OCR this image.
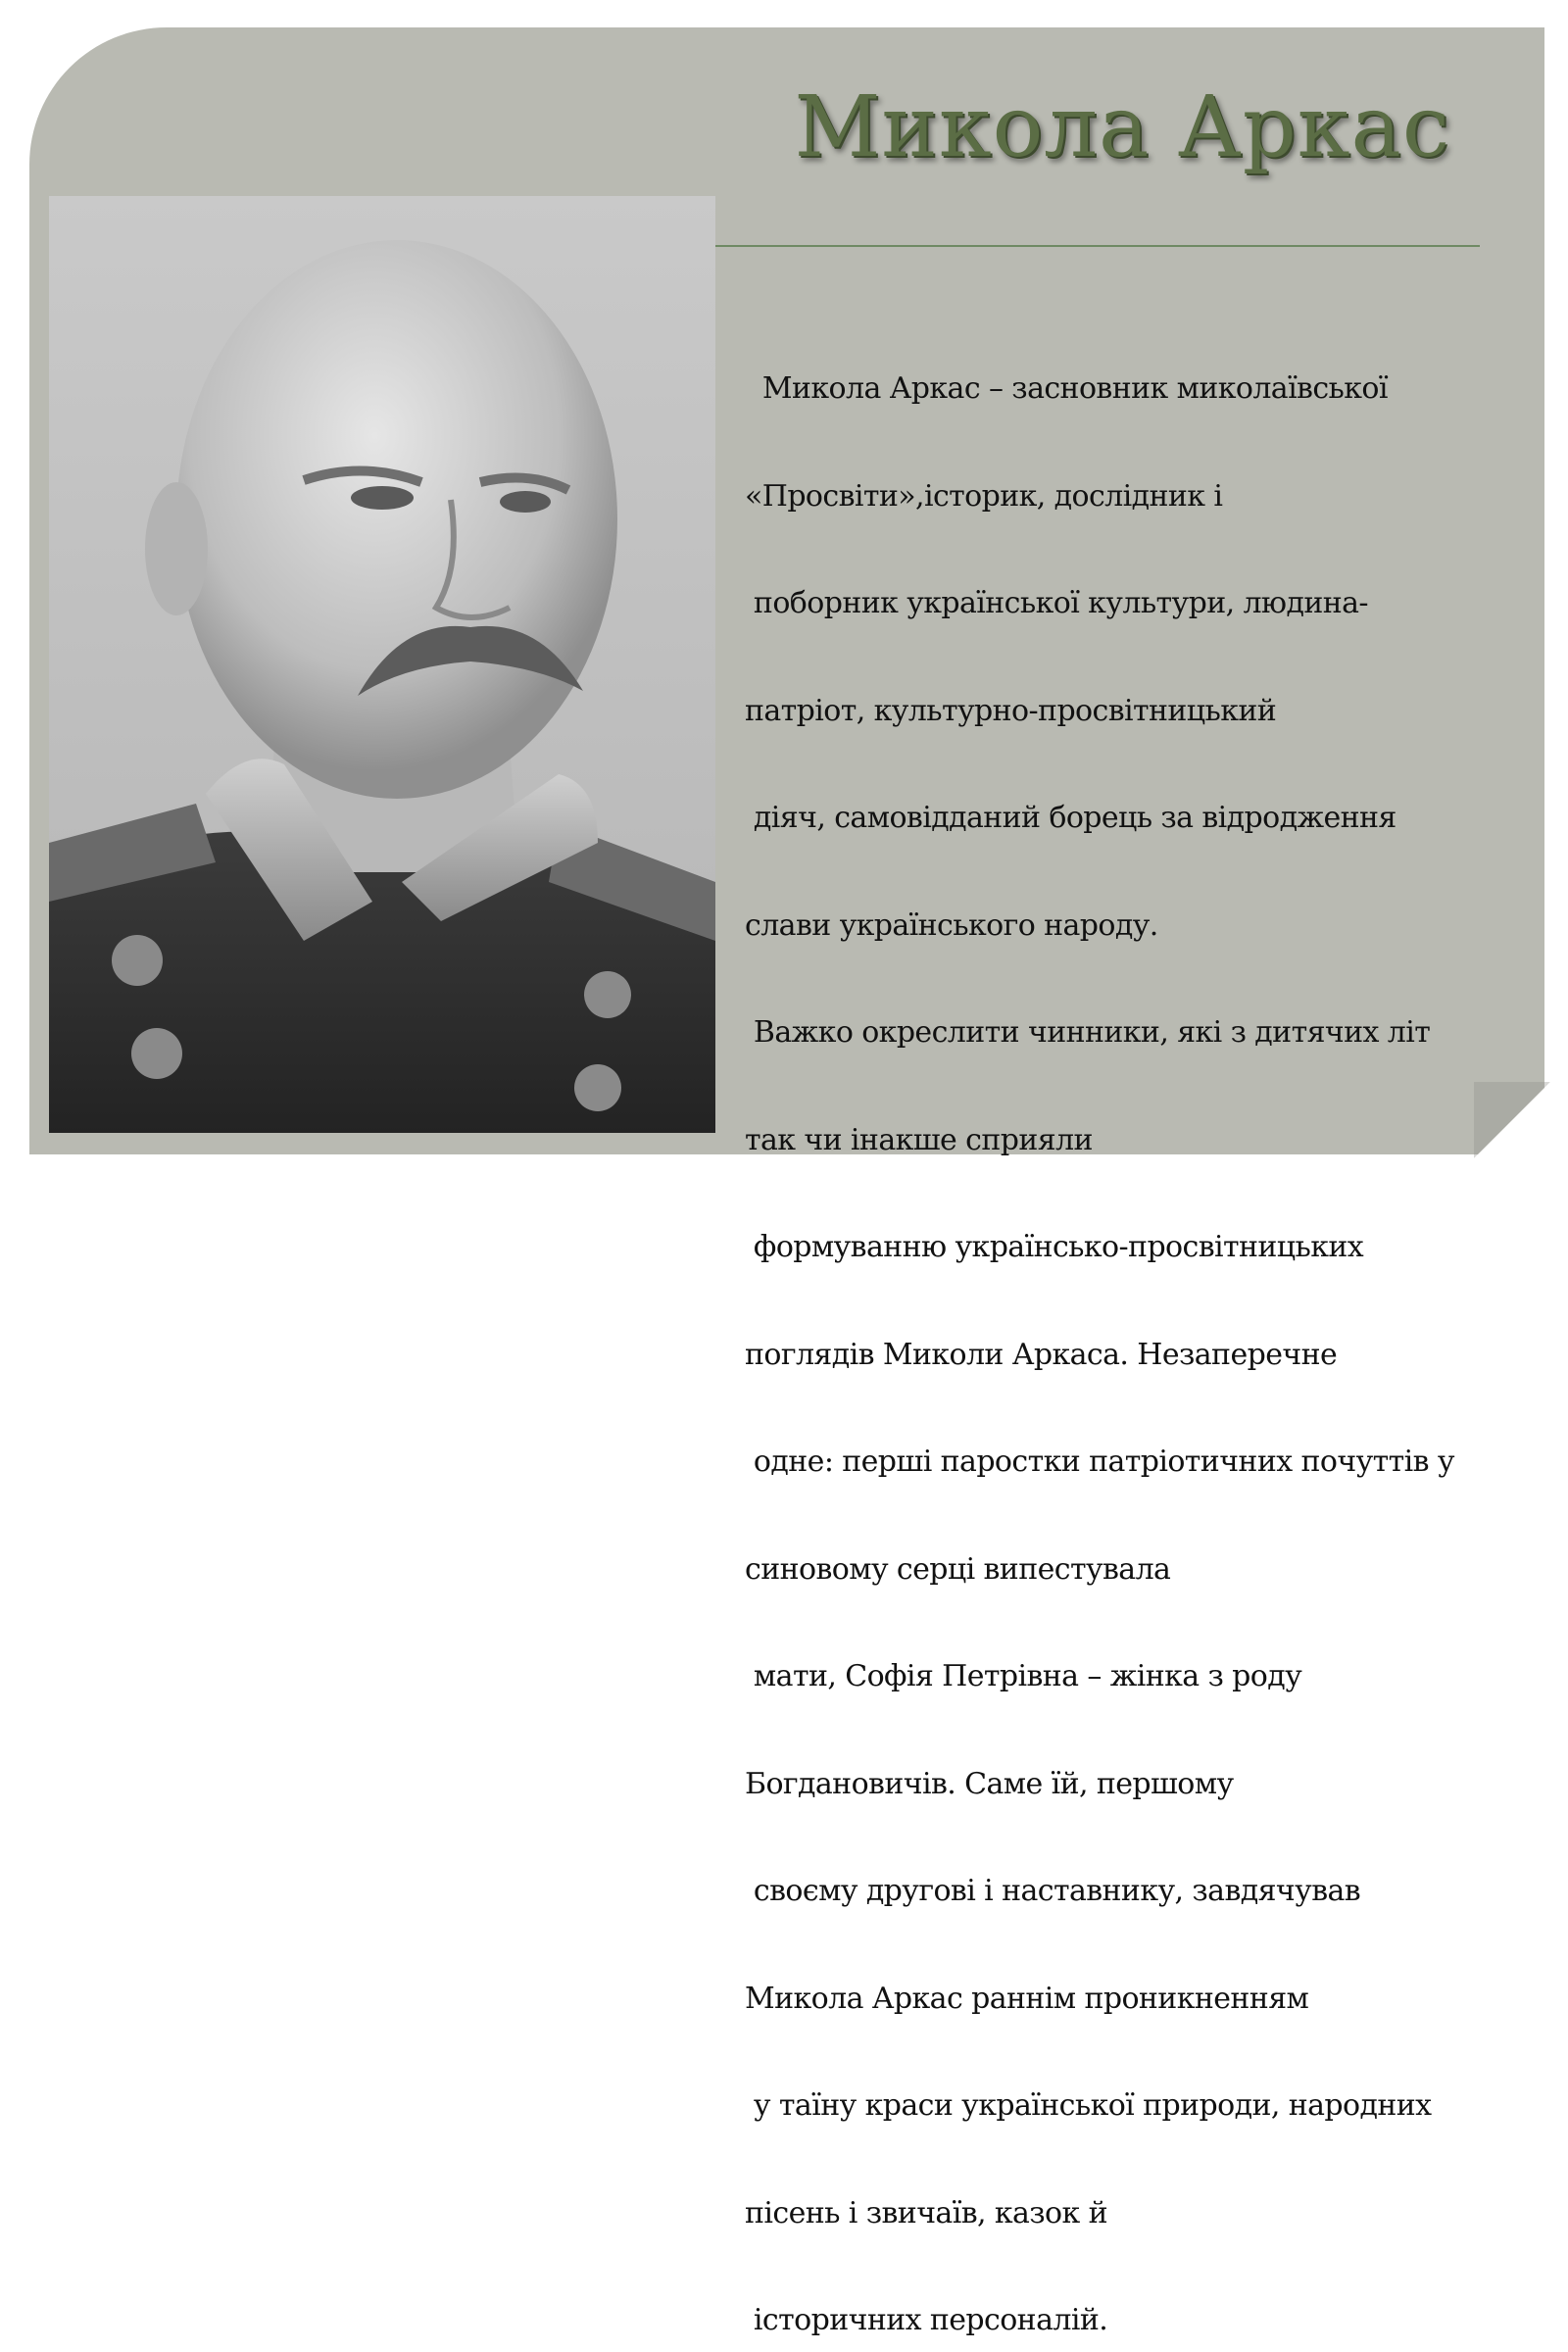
Микола Аркас

Микола Аркас – засновник миколаївської

«Просвіти»,історик, дослідник і

поборник української культури, людина-

патріот, культурно-просвітницький

діяч, самовідданий борець за відродження

слави українського народу.

Важко окреслити чинники, які з дитячих літ

так чи інакше сприяли

формуванню українсько-просвітницьких

поглядів Миколи Аркаса. Незаперечне

одне: перші паростки патріотичних почуттів у

синовому серці випестувала

мати, Софія Петрівна – жінка з роду

Богдановичів. Саме їй, першому

своєму другові і наставнику, завдячував

Микола Аркас раннім проникненням

у таїну краси української природи, народних

пісень і звичаїв, казок й

історичних персоналій.
